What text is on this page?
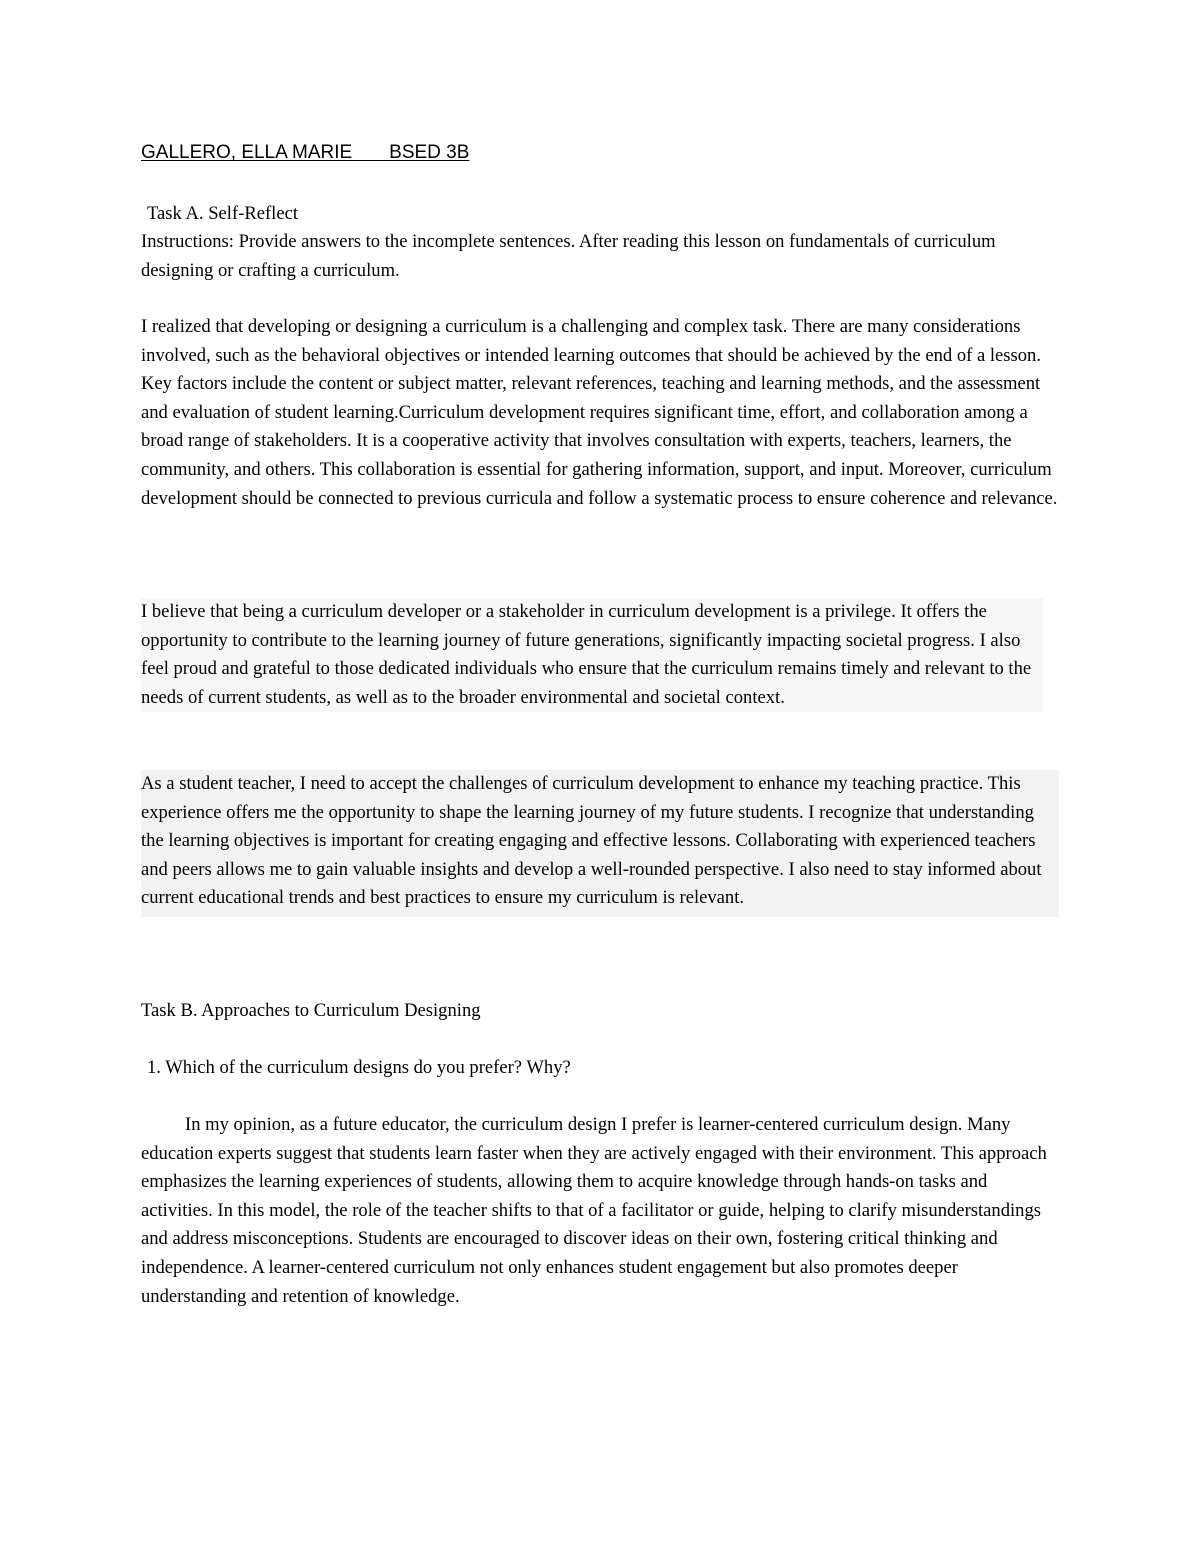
GALLERO, ELLA MARIE       BSED 3B

Task A. Self-Reflect

Instructions: Provide answers to the incomplete sentences. After reading this lesson on fundamentals of curriculum designing or crafting a curriculum.

I realized that developing or designing a curriculum is a challenging and complex task. There are many considerations involved, such as the behavioral objectives or intended learning outcomes that should be achieved by the end of a lesson. Key factors include the content or subject matter, relevant references, teaching and learning methods, and the assessment and evaluation of student learning.Curriculum development requires significant time, effort, and collaboration among a broad range of stakeholders. It is a cooperative activity that involves consultation with experts, teachers, learners, the community, and others. This collaboration is essential for gathering information, support, and input. Moreover, curriculum development should be connected to previous curricula and follow a systematic process to ensure coherence and relevance.

I believe that being a curriculum developer or a stakeholder in curriculum development is a privilege. It offers the opportunity to contribute to the learning journey of future generations, significantly impacting societal progress. I also feel proud and grateful to those dedicated individuals who ensure that the curriculum remains timely and relevant to the needs of current students, as well as to the broader environmental and societal context.

As a student teacher, I need to accept the challenges of curriculum development to enhance my teaching practice. This experience offers me the opportunity to shape the learning journey of my future students. I recognize that understanding the learning objectives is important for creating engaging and effective lessons. Collaborating with experienced teachers and peers allows me to gain valuable insights and develop a well-rounded perspective. I also need to stay informed about current educational trends and best practices to ensure my curriculum is relevant.

Task B. Approaches to Curriculum Designing

1. Which of the curriculum designs do you prefer? Why?

In my opinion, as a future educator, the curriculum design I prefer is learner-centered curriculum design. Many education experts suggest that students learn faster when they are actively engaged with their environment. This approach emphasizes the learning experiences of students, allowing them to acquire knowledge through hands-on tasks and activities. In this model, the role of the teacher shifts to that of a facilitator or guide, helping to clarify misunderstandings and address misconceptions. Students are encouraged to discover ideas on their own, fostering critical thinking and independence. A learner-centered curriculum not only enhances student engagement but also promotes deeper understanding and retention of knowledge.
